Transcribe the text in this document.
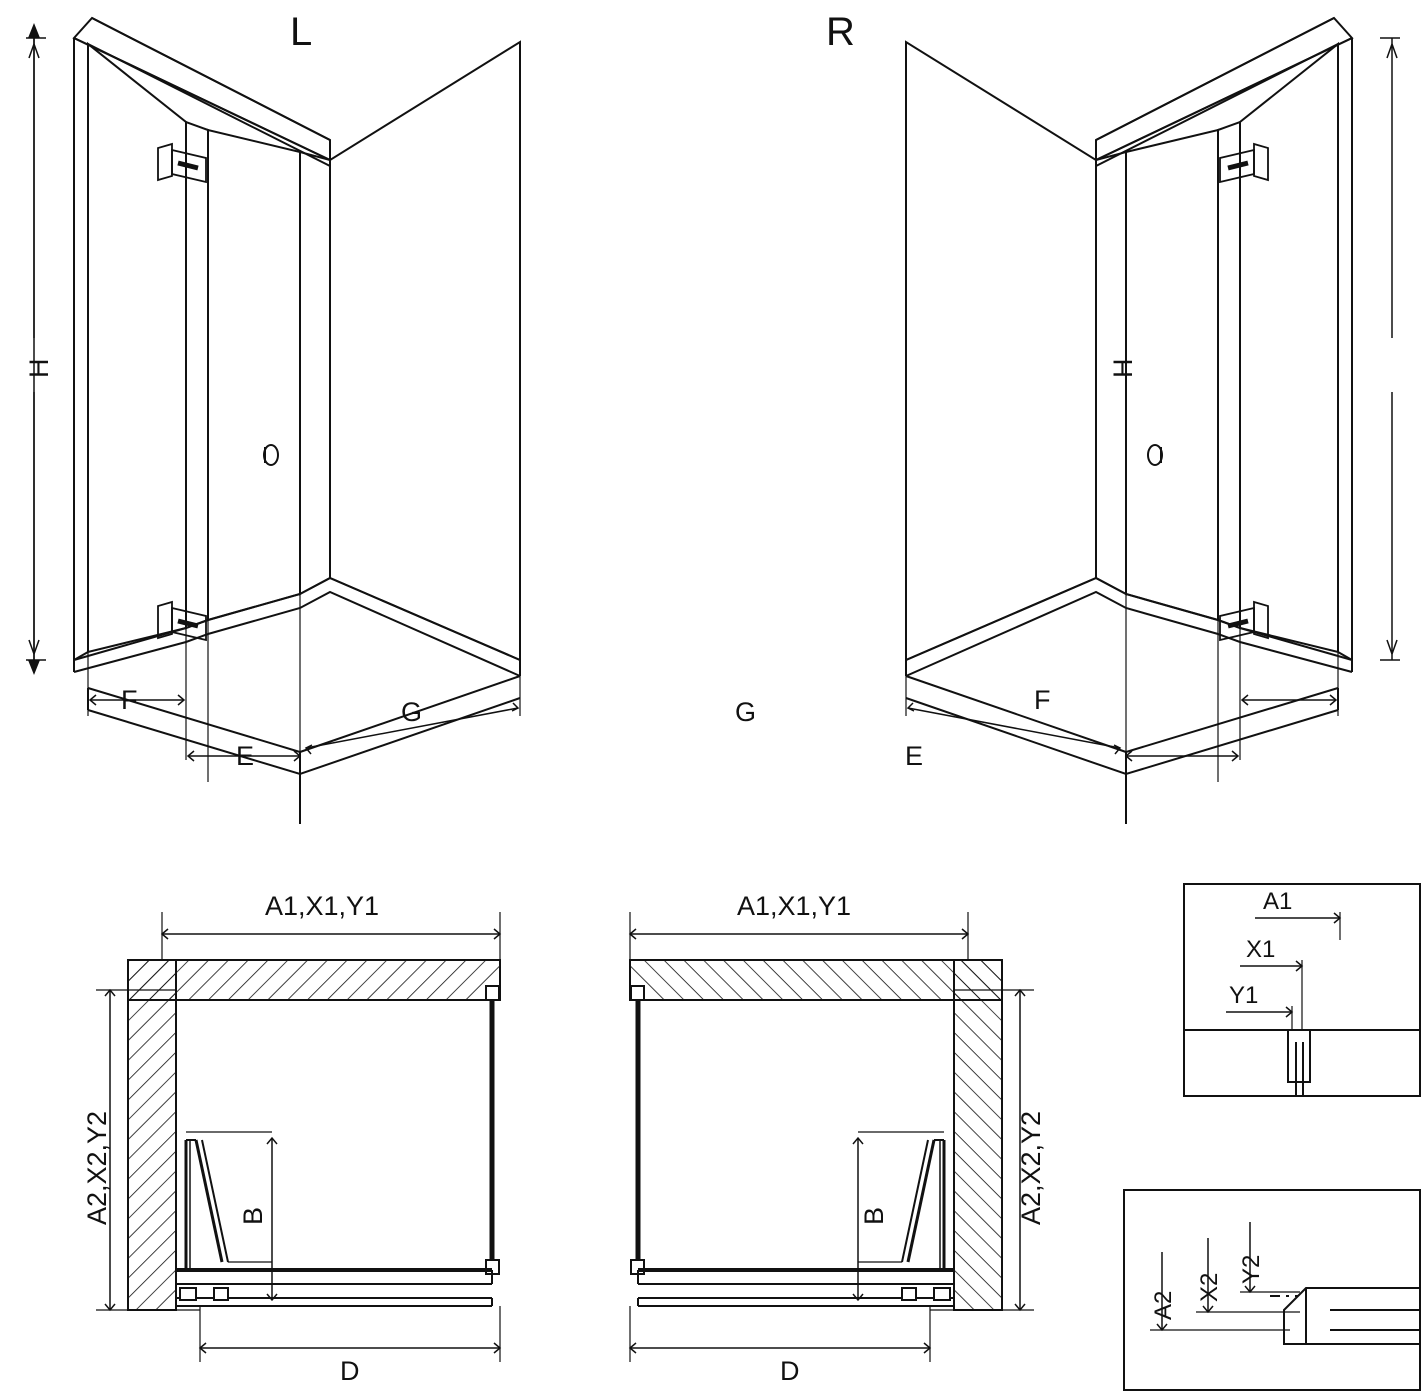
L	R
H	H
F
E
G	G
E
F
A1,X1,Y1
A2,X2,Y2	B
D
A1,X1,Y1
A2,X2,Y2
B
D
A1
X1
Y1
A2
X2
Y2
